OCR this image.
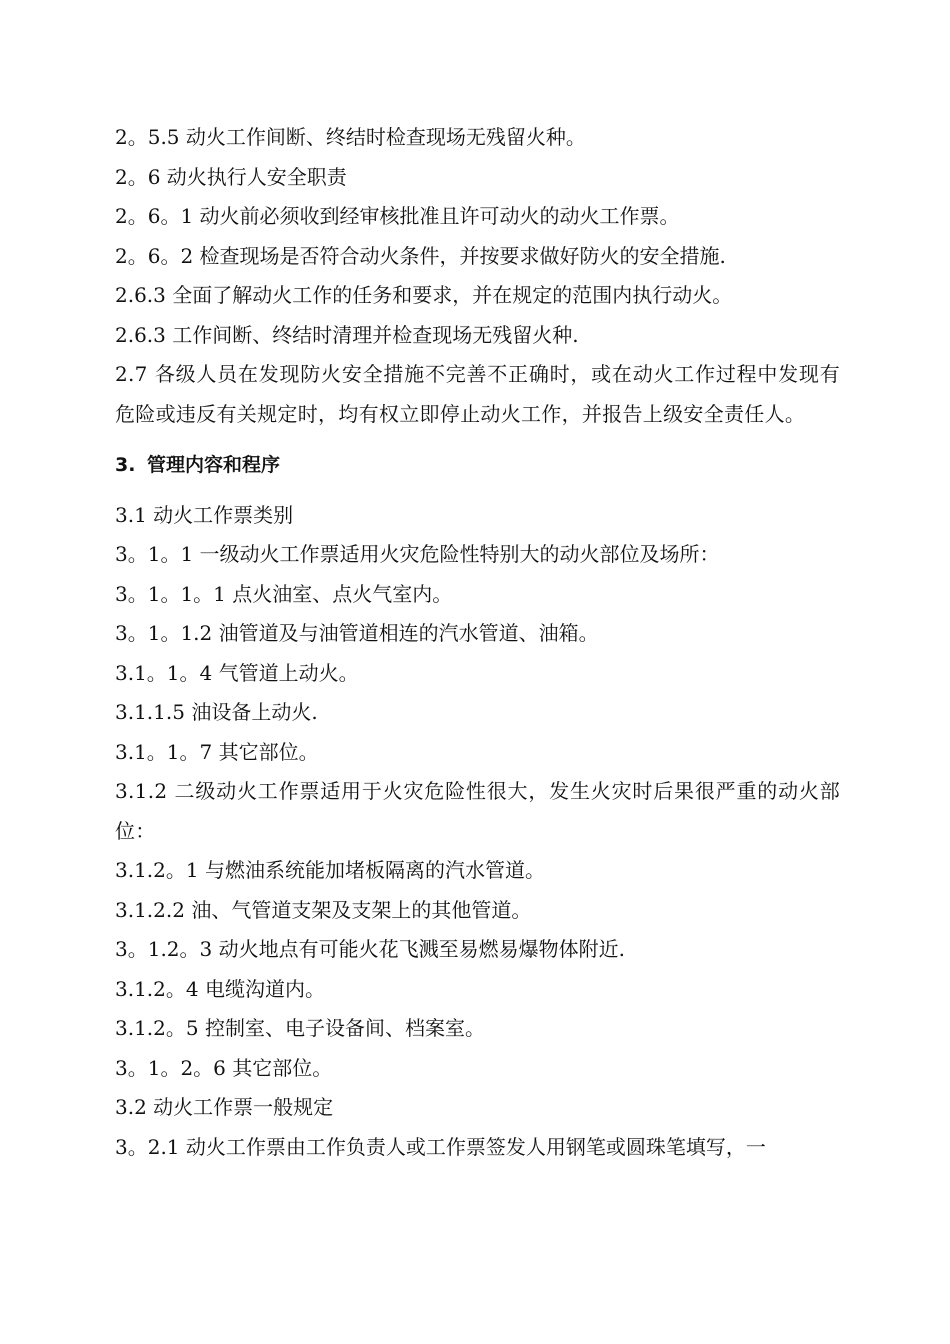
2。5.5 动火工作间断、终结时检查现场无残留火种。
2。6 动火执行人安全职责
2。6。1 动火前必须收到经审核批准且许可动火的动火工作票。
2。6。2 检查现场是否符合动火条件，并按要求做好防火的安全措施.
2.6.3 全面了解动火工作的任务和要求，并在规定的范围内执行动火。
2.6.3 工作间断、终结时清理并检查现场无残留火种.
2.7 各级人员在发现防火安全措施不完善不正确时，或在动火工作过程中发现有危险或违反有关规定时，均有权立即停止动火工作，并报告上级安全责任人。
3. 管理内容和程序
3.1 动火工作票类别
3。1。1 一级动火工作票适用火灾危险性特别大的动火部位及场所：
3。1。1。1 点火油室、点火气室内。
3。1。1.2 油管道及与油管道相连的汽水管道、油箱。
3.1。1。4 气管道上动火。
3.1.1.5 油设备上动火.
3.1。1。7 其它部位。
3.1.2 二级动火工作票适用于火灾危险性很大，发生火灾时后果很严重的动火部位：
3.1.2。1 与燃油系统能加堵板隔离的汽水管道。
3.1.2.2 油、气管道支架及支架上的其他管道。
3。1.2。3 动火地点有可能火花飞溅至易燃易爆物体附近.
3.1.2。4 电缆沟道内。
3.1.2。5 控制室、电子设备间、档案室。
3。1。2。6 其它部位。
3.2 动火工作票一般规定
3。2.1 动火工作票由工作负责人或工作票签发人用钢笔或圆珠笔填写，一
